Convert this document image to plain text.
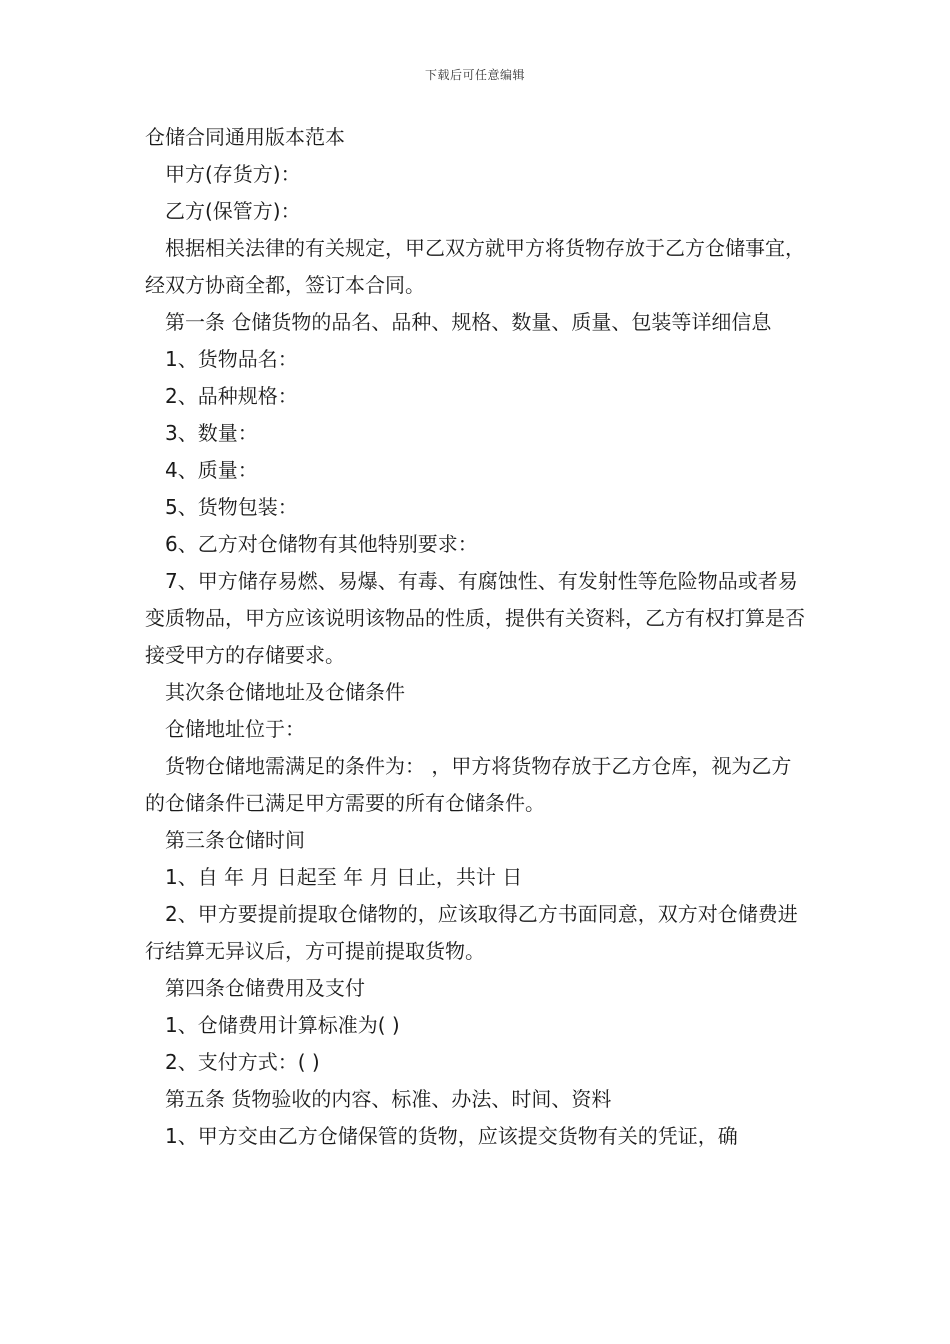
下载后可任意编辑

仓储合同通用版本范本

甲方(存货方)：

乙方(保管方)：

根据相关法律的有关规定，甲乙双方就甲方将货物存放于乙方仓储事宜，经双方协商全都，签订本合同。

第一条 仓储货物的品名、品种、规格、数量、质量、包装等详细信息

1、货物品名：

2、品种规格：

3、数量：

4、质量：

5、货物包装：

6、乙方对仓储物有其他特别要求：

7、甲方储存易燃、易爆、有毒、有腐蚀性、有发射性等危险物品或者易变质物品，甲方应该说明该物品的性质，提供有关资料，乙方有权打算是否接受甲方的存储要求。

其次条仓储地址及仓储条件

仓储地址位于：

货物仓储地需满足的条件为： ，甲方将货物存放于乙方仓库，视为乙方的仓储条件已满足甲方需要的所有仓储条件。

第三条仓储时间

1、自 年 月 日起至 年 月 日止，共计 日

2、甲方要提前提取仓储物的，应该取得乙方书面同意，双方对仓储费进行结算无异议后，方可提前提取货物。

第四条仓储费用及支付

1、仓储费用计算标准为( )

2、支付方式：( )

第五条 货物验收的内容、标准、办法、时间、资料

1、甲方交由乙方仓储保管的货物，应该提交货物有关的凭证，确
